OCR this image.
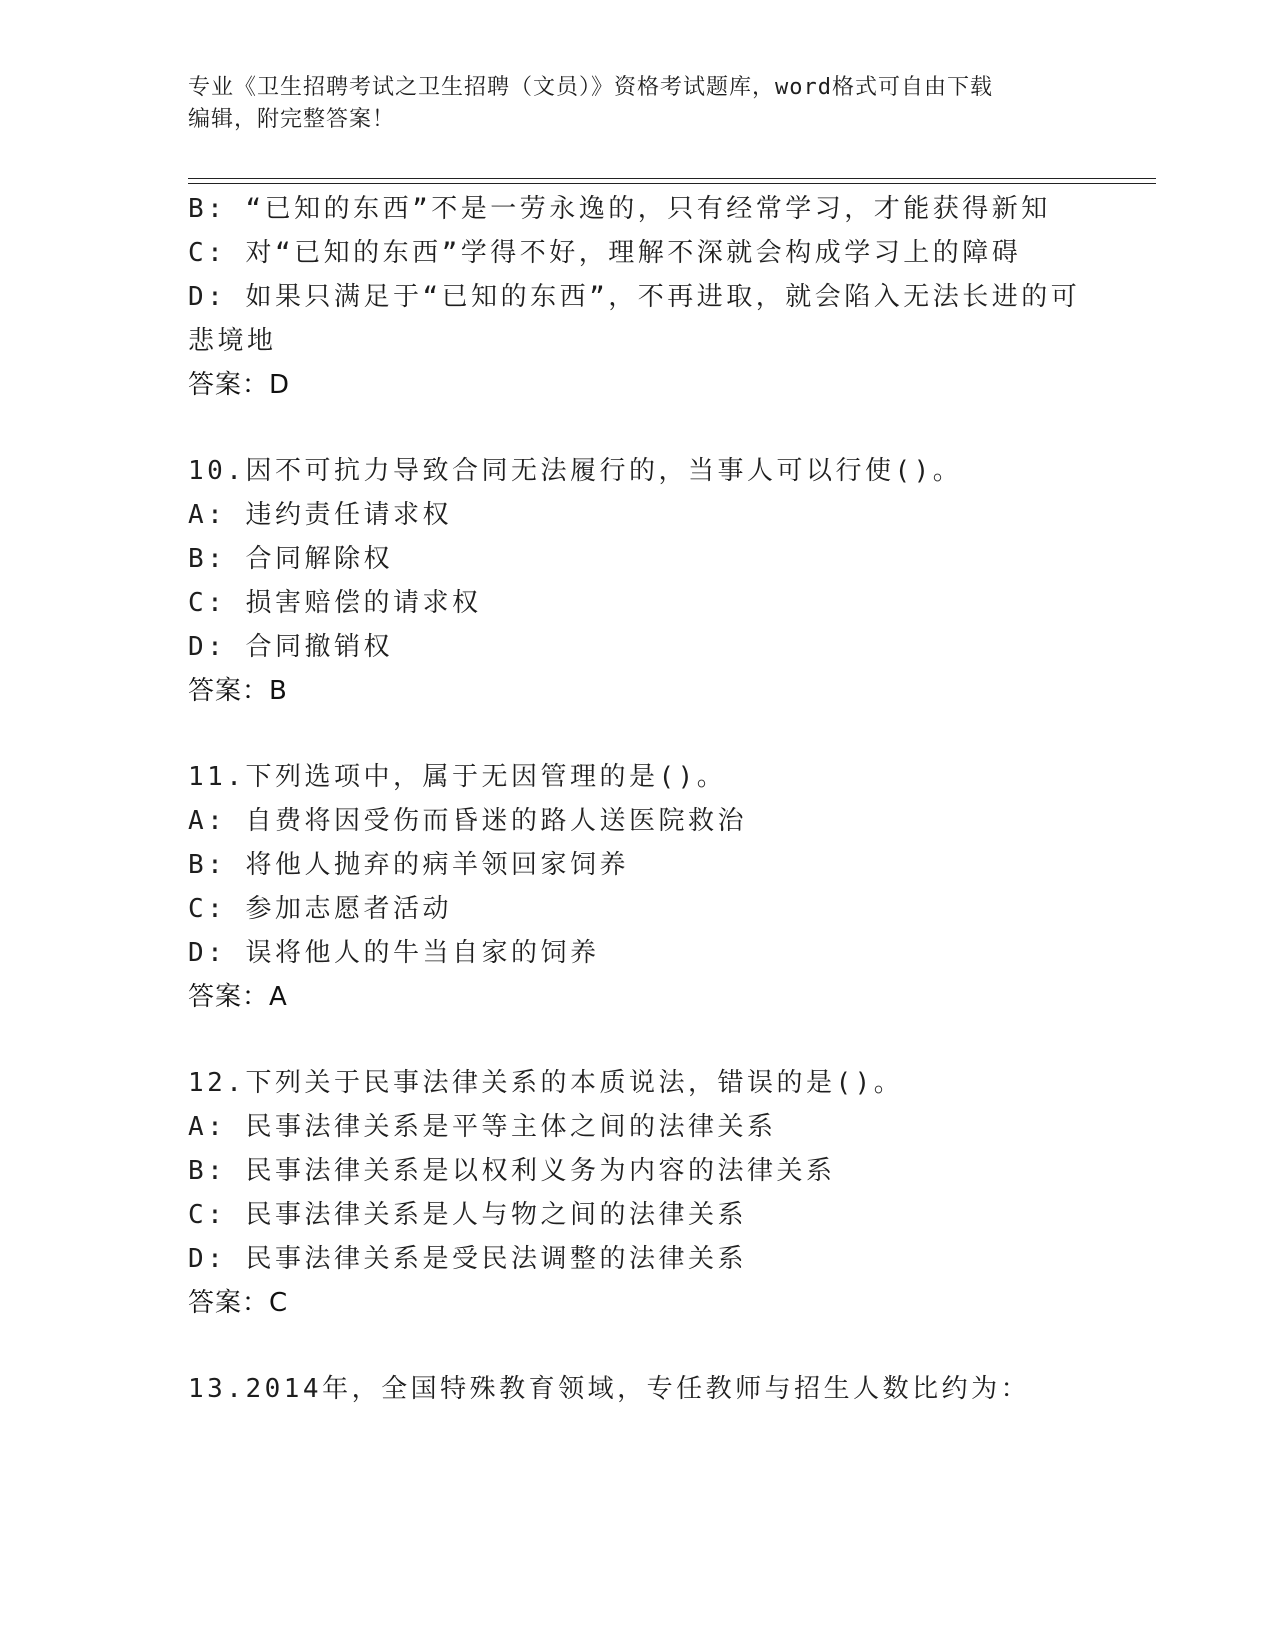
专业《卫生招聘考试之卫生招聘（文员）》资格考试题库，word格式可自由下载
编辑，附完整答案！
B: “已知的东西”不是一劳永逸的，只有经常学习，才能获得新知
C: 对“已知的东西”学得不好，理解不深就会构成学习上的障碍
D: 如果只满足于“已知的东西”，不再进取，就会陷入无法长进的可
悲境地
答案：D
10.因不可抗力导致合同无法履行的，当事人可以行使()。
A: 违约责任请求权
B: 合同解除权
C: 损害赔偿的请求权
D: 合同撤销权
答案：B
11.下列选项中，属于无因管理的是()。
A: 自费将因受伤而昏迷的路人送医院救治
B: 将他人抛弃的病羊领回家饲养
C: 参加志愿者活动
D: 误将他人的牛当自家的饲养
答案：A
12.下列关于民事法律关系的本质说法，错误的是()。
A: 民事法律关系是平等主体之间的法律关系
B: 民事法律关系是以权利义务为内容的法律关系
C: 民事法律关系是人与物之间的法律关系
D: 民事法律关系是受民法调整的法律关系
答案：C
13.2014年，全国特殊教育领域，专任教师与招生人数比约为：
